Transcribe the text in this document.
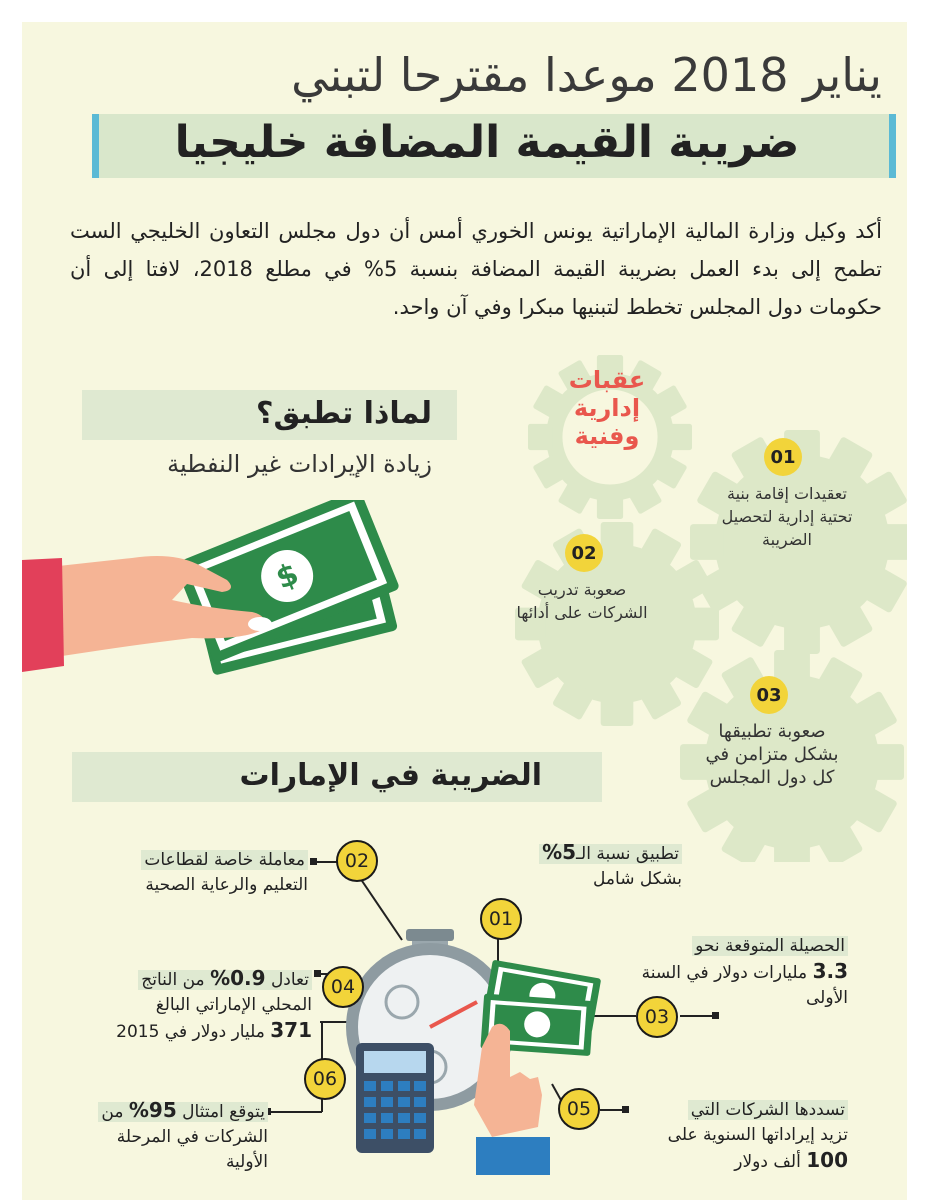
يناير 2018 موعدا مقترحا لتبني
ضريبة القيمة المضافة خليجيا
أكد وكيل وزارة المالية الإماراتية يونس الخوري أمس أن دول مجلس التعاون الخليجي الست تطمح إلى بدء العمل بضريبة القيمة المضافة بنسبة 5% في مطلع 2018، لافتا إلى أن حكومات دول المجلس تخطط لتبنيها مبكرا وفي آن واحد.
عقبات إدارية وفنية
01
تعقيدات إقامة بنية تحتية إدارية لتحصيل الضريبة
02
صعوبة تدريب الشركات على أدائها
03
صعوبة تطبيقها بشكل متزامن في كل دول المجلس
لماذا تطبق؟
زيادة الإيرادات غير النفطية
$
الضريبة في الإمارات
01
02
03
04
06
05
تطبيق نسبة الـ5%
بشكل شامل
معاملة خاصة لقطاعات
التعليم والرعاية الصحية
الحصيلة المتوقعة نحو
3.3 مليارات دولار في السنة الأولى
تعادل 0.9% من الناتج
المحلي الإماراتي البالغ
371 مليار دولار في 2015
تسددها الشركات التي
تزيد إيراداتها السنوية على
100 ألف دولار
يتوقع امتثال 95% من
الشركات في المرحلة
الأولية
